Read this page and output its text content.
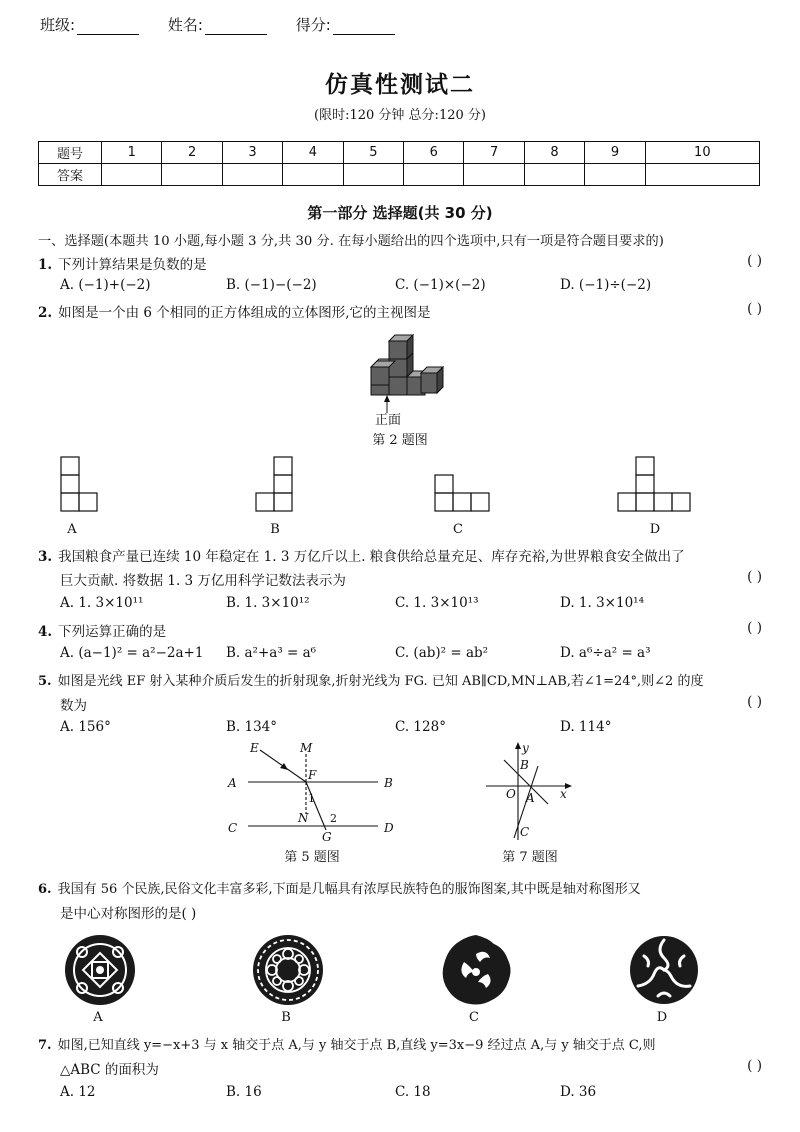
班级:	姓名:	得分:
仿真性测试二
(限时:120 分钟 总分:120 分)
题号	1	2	3	4	5	6	7	8	9	10
答案										
第一部分 选择题(共 30 分)
一、选择题(本题共 10 小题,每小题 3 分,共 30 分. 在每小题给出的四个选项中,只有一项是符合题目要求的)
1. 下列计算结果是负数的是	( )
A. (−1)+(−2)	B. (−1)−(−2)	C. (−1)×(−2)	D. (−1)÷(−2)
2. 如图是一个由 6 个相同的正方体组成的立体图形,它的主视图是	( )
正面
第 2 题图
A	B	C	D
3. 我国粮食产量已连续 10 年稳定在 1. 3 万亿斤以上. 粮食供给总量充足、库存充裕,为世界粮食安全做出了
巨大贡献. 将数据 1. 3 万亿用科学记数法表示为	( )
A. 1. 3×10¹¹	B. 1. 3×10¹²	C. 1. 3×10¹³	D. 1. 3×10¹⁴
4. 下列运算正确的是	( )
A. (a−1)² = a²−2a+1 B. a²+a³ = a⁶	C. (ab)² = ab²	D. a⁶÷a² = a³
5. 如图是光线 EF 射入某种介质后发生的折射现象,折射光线为 FG. 已知 AB∥CD,MN⊥AB,若∠1=24°,则∠2 的度
数为	( )
A. 156°	B. 134°	C. 128°	D. 114°
E	M
A
F
B
N
C
G
D
1
2
第 5 题图
y
B
O A x
C
第 7 题图
6. 我国有 56 个民族,民俗文化丰富多彩,下面是几幅具有浓厚民族特色的服饰图案,其中既是轴对称图形又
是中心对称图形的是( )
A	B	C	D
7. 如图,已知直线 y=−x+3 与 x 轴交于点 A,与 y 轴交于点 B,直线 y=3x−9 经过点 A,与 y 轴交于点 C,则
△ABC 的面积为	( )
A. 12	B. 16	C. 18	D. 36
